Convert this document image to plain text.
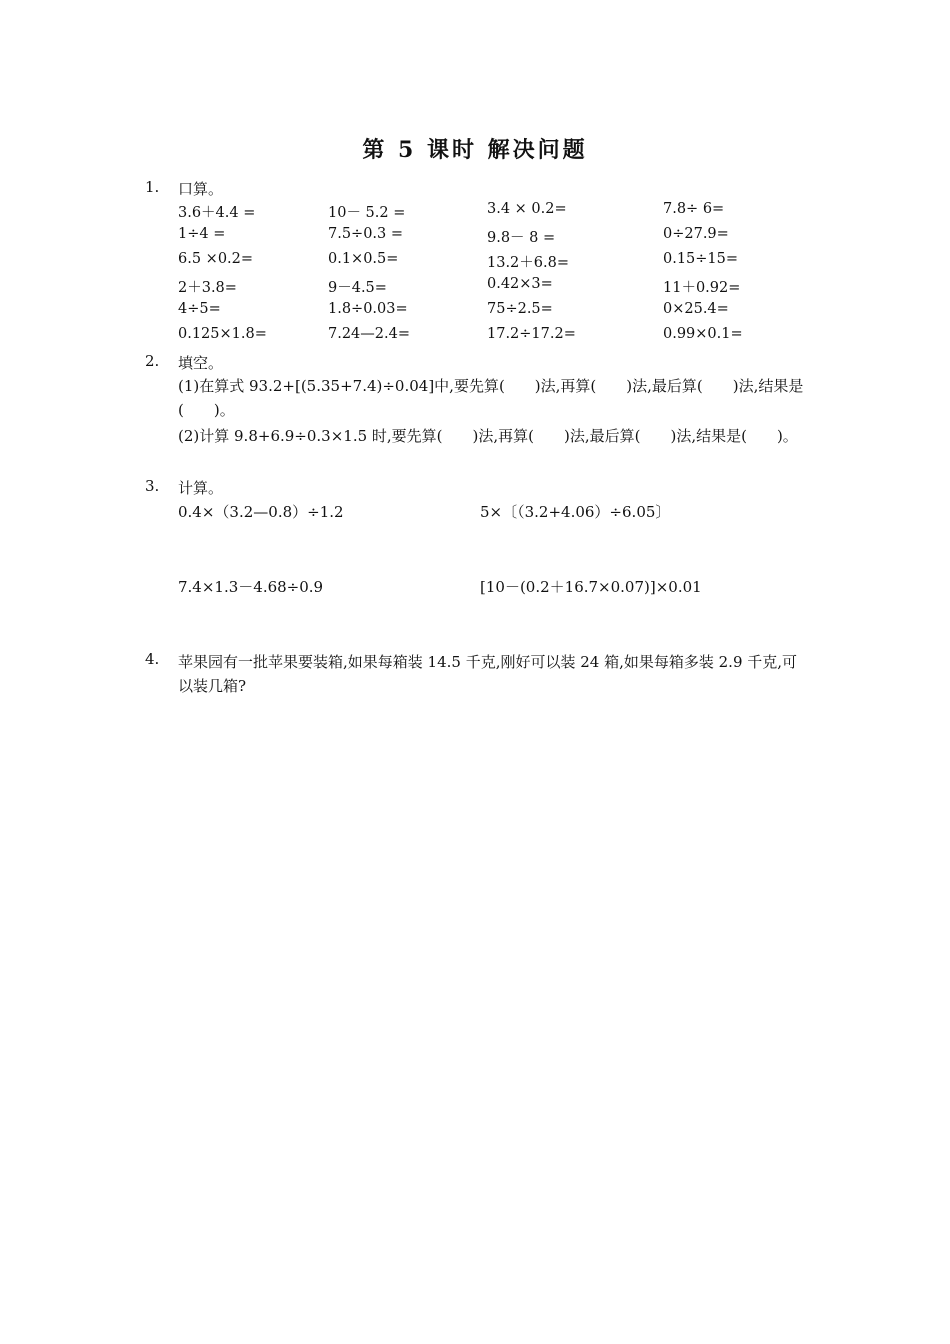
第 5 课时 解决问题
1. 口算。
3.6＋4.4 =	10－ 5.2 =	3.4 × 0.2=	7.8÷ 6=
1÷4 =	7.5÷0.3 =	9.8－ 8 =	0÷27.9=
6.5 ×0.2=	0.1×0.5=	13.2＋6.8=	0.15÷15=
2＋3.8=	9－4.5=	0.42×3=	11＋0.92=
4÷5=	1.8÷0.03=	75÷2.5=	0×25.4=
0.125×1.8=	7.24—2.4=	17.2÷17.2=	0.99×0.1=
2. 填空。
(1)在算式 93.2+[(5.35+7.4)÷0.04]中,要先算(　　)法,再算(　　)法,最后算(　　)法,结果是(　　)。
(2)计算 9.8+6.9÷0.3×1.5 时,要先算(　　)法,再算(　　)法,最后算(　　)法,结果是(　　)。
3. 计算。
0.4×（3.2—0.8）÷1.2	5×〔（3.2+4.06）÷6.05〕
7.4×1.3－4.68÷0.9	[10－(0.2＋16.7×0.07)]×0.01
4. 苹果园有一批苹果要装箱,如果每箱装 14.5 千克,刚好可以装 24 箱,如果每箱多装 2.9 千克,可以装几箱?
